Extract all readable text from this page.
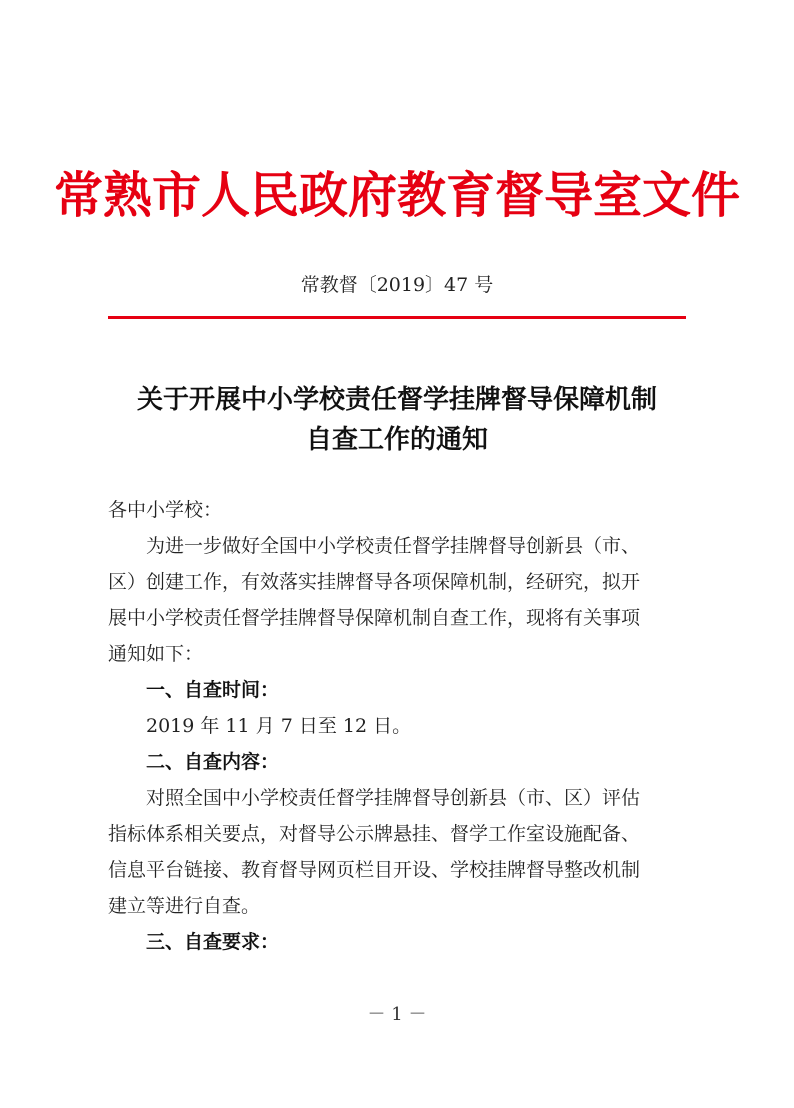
常熟市人民政府教育督导室文件
常教督〔2019〕47 号
关于开展中小学校责任督学挂牌督导保障机制
自查工作的通知
各中小学校：
　　为进一步做好全国中小学校责任督学挂牌督导创新县（市、
区）创建工作，有效落实挂牌督导各项保障机制，经研究，拟开
展中小学校责任督学挂牌督导保障机制自查工作，现将有关事项
通知如下：
　　一、自查时间：
　　2019 年 11 月 7 日至 12 日。
　　二、自查内容：
　　对照全国中小学校责任督学挂牌督导创新县（市、区）评估
指标体系相关要点，对督导公示牌悬挂、督学工作室设施配备、
信息平台链接、教育督导网页栏目开设、学校挂牌督导整改机制
建立等进行自查。
　　三、自查要求：
－ 1 －
